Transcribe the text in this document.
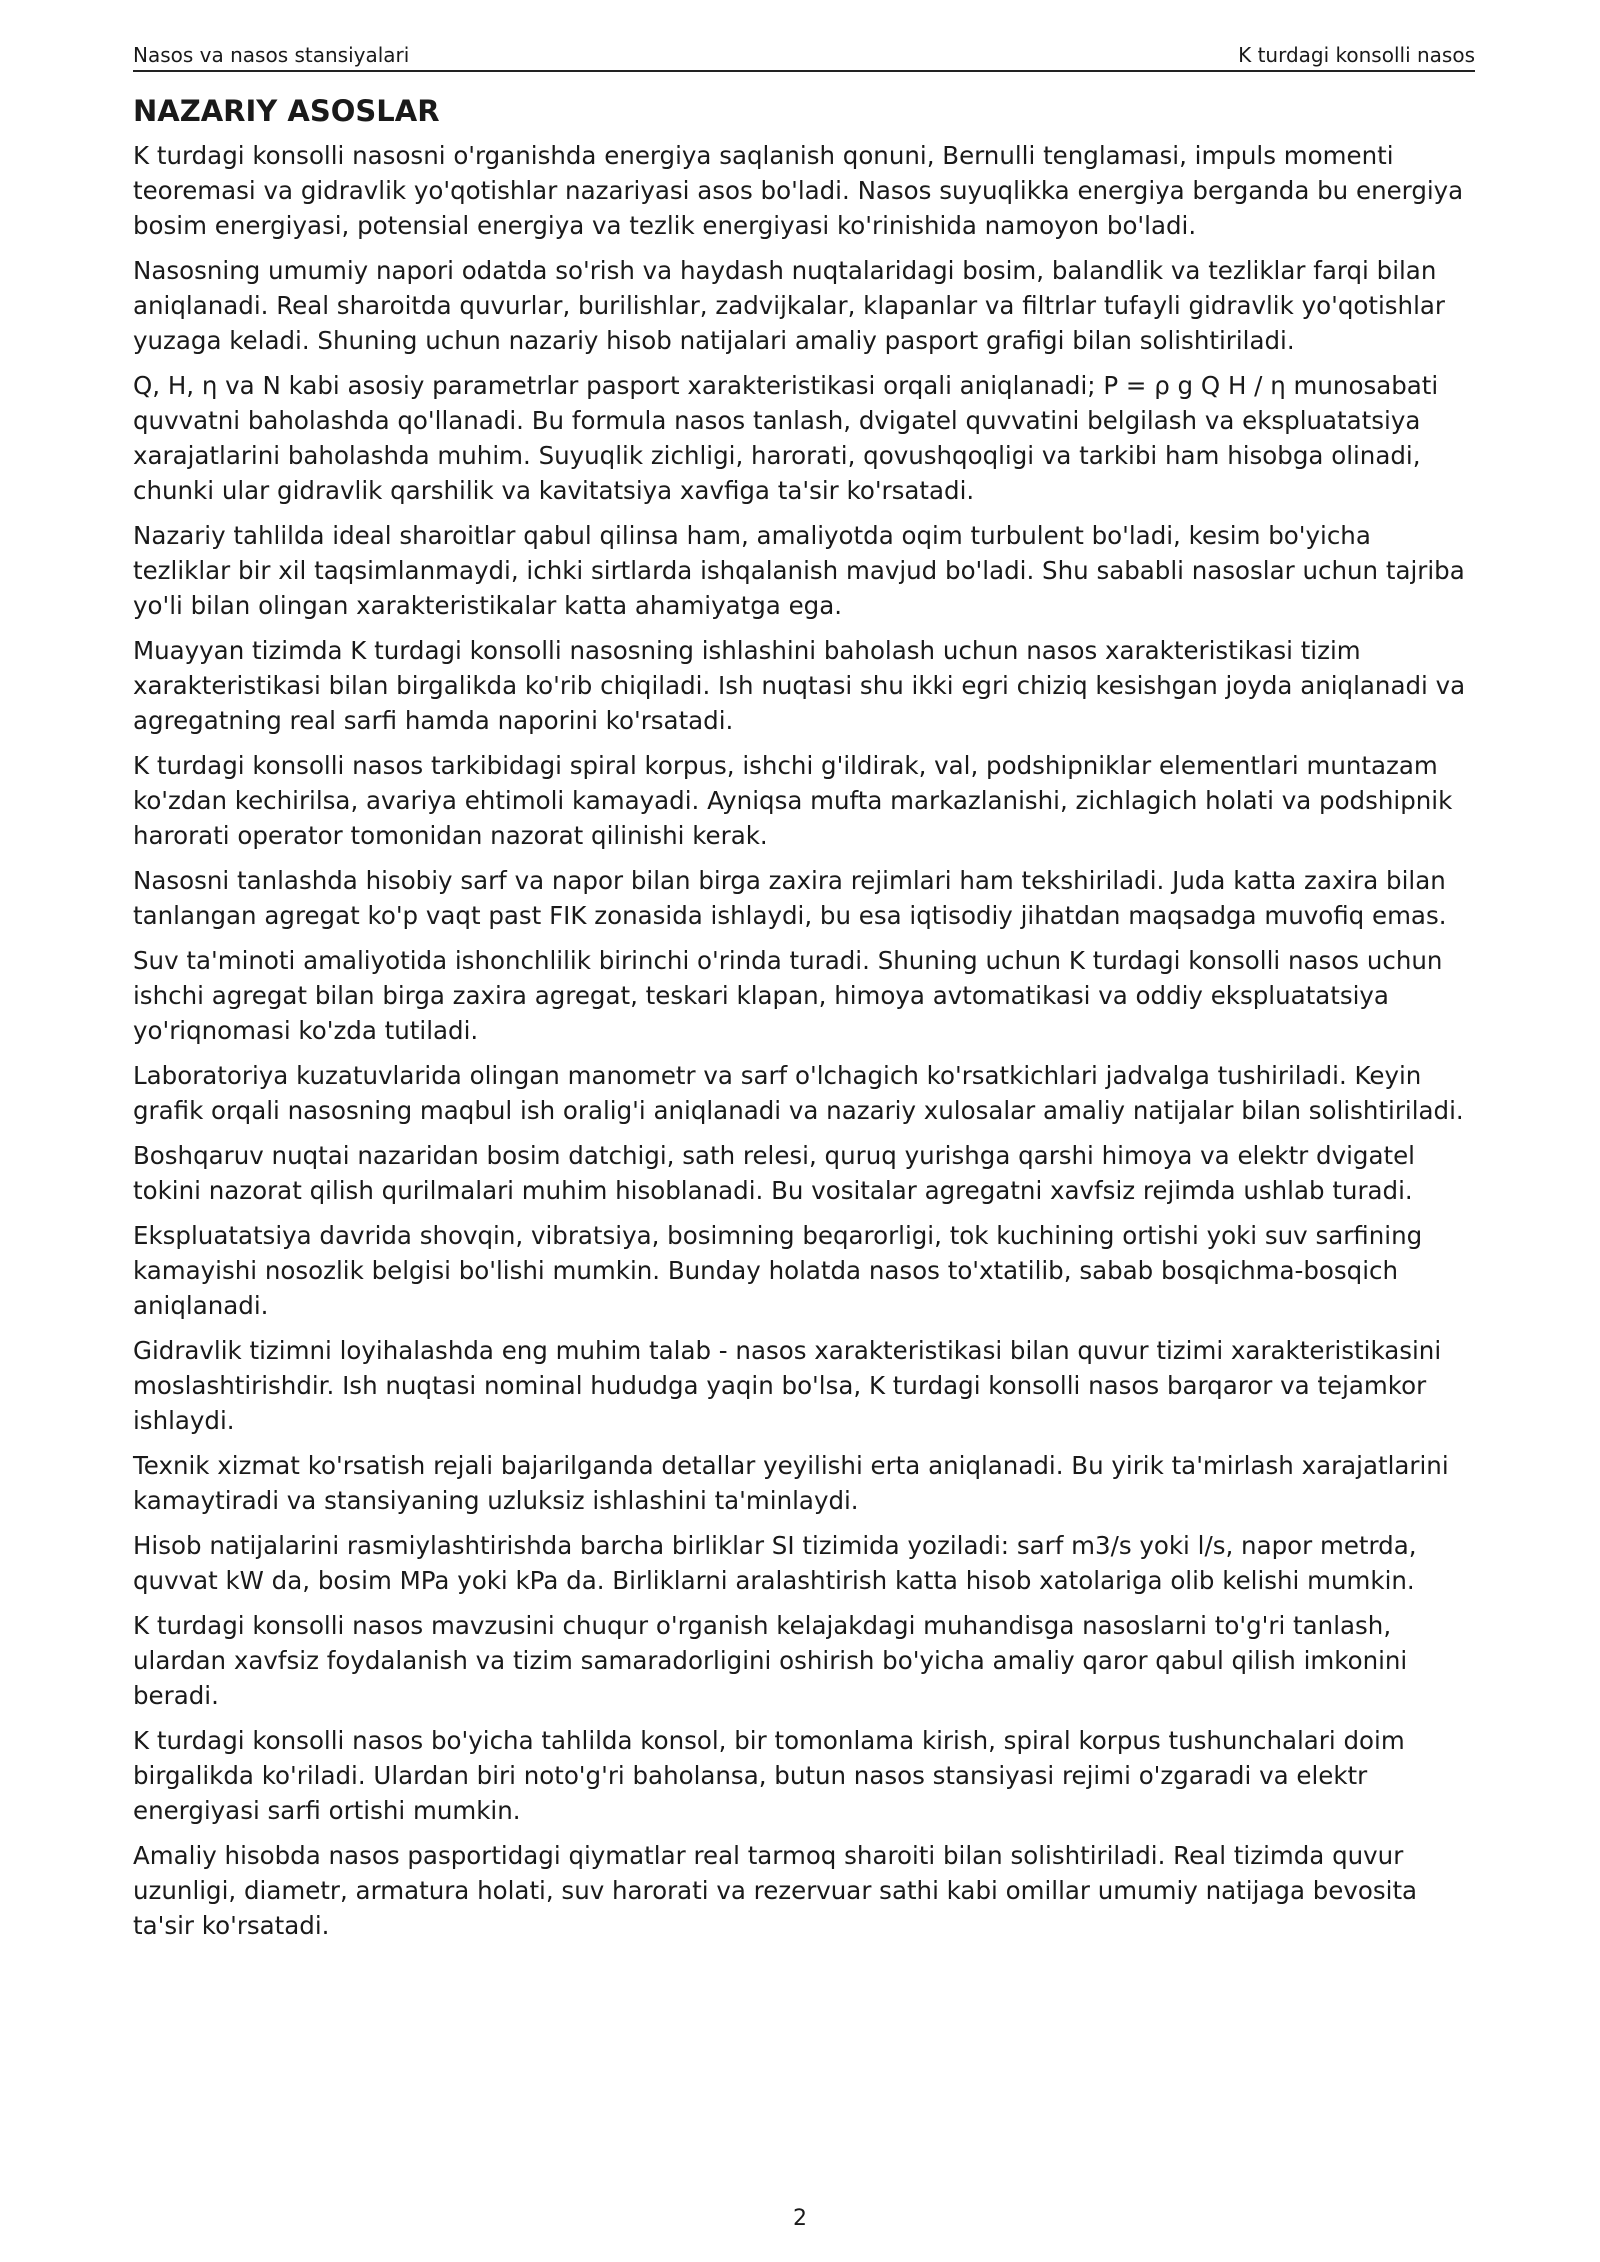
Nasos va nasos stansiyalari	K turdagi konsolli nasos
NAZARIY ASOSLAR

K turdagi konsolli nasosni o'rganishda energiya saqlanish qonuni, Bernulli tenglamasi, impuls momenti teoremasi va gidravlik yo'qotishlar nazariyasi asos bo'ladi. Nasos suyuqlikka energiya berganda bu energiya bosim energiyasi, potensial energiya va tezlik energiyasi ko'rinishida namoyon bo'ladi.

Nasosning umumiy napori odatda so'rish va haydash nuqtalaridagi bosim, balandlik va tezliklar farqi bilan aniqlanadi. Real sharoitda quvurlar, burilishlar, zadvijkalar, klapanlar va filtrlar tufayli gidravlik yo'qotishlar yuzaga keladi. Shuning uchun nazariy hisob natijalari amaliy pasport grafigi bilan solishtiriladi.

Q, H, η va N kabi asosiy parametrlar pasport xarakteristikasi orqali aniqlanadi; P = ρ g Q H / η munosabati quvvatni baholashda qo'llanadi. Bu formula nasos tanlash, dvigatel quvvatini belgilash va ekspluatatsiya xarajatlarini baholashda muhim. Suyuqlik zichligi, harorati, qovushqoqligi va tarkibi ham hisobga olinadi, chunki ular gidravlik qarshilik va kavitatsiya xavfiga ta'sir ko'rsatadi.

Nazariy tahlilda ideal sharoitlar qabul qilinsa ham, amaliyotda oqim turbulent bo'ladi, kesim bo'yicha tezliklar bir xil taqsimlanmaydi, ichki sirtlarda ishqalanish mavjud bo'ladi. Shu sababli nasoslar uchun tajriba yo'li bilan olingan xarakteristikalar katta ahamiyatga ega.

Muayyan tizimda K turdagi konsolli nasosning ishlashini baholash uchun nasos xarakteristikasi tizim xarakteristikasi bilan birgalikda ko'rib chiqiladi. Ish nuqtasi shu ikki egri chiziq kesishgan joyda aniqlanadi va agregatning real sarfi hamda naporini ko'rsatadi.

K turdagi konsolli nasos tarkibidagi spiral korpus, ishchi g'ildirak, val, podshipniklar elementlari muntazam ko'zdan kechirilsa, avariya ehtimoli kamayadi. Ayniqsa mufta markazlanishi, zichlagich holati va podshipnik harorati operator tomonidan nazorat qilinishi kerak.

Nasosni tanlashda hisobiy sarf va napor bilan birga zaxira rejimlari ham tekshiriladi. Juda katta zaxira bilan tanlangan agregat ko'p vaqt past FIK zonasida ishlaydi, bu esa iqtisodiy jihatdan maqsadga muvofiq emas.

Suv ta'minoti amaliyotida ishonchlilik birinchi o'rinda turadi. Shuning uchun K turdagi konsolli nasos uchun ishchi agregat bilan birga zaxira agregat, teskari klapan, himoya avtomatikasi va oddiy ekspluatatsiya yo'riqnomasi ko'zda tutiladi.

Laboratoriya kuzatuvlarida olingan manometr va sarf o'lchagich ko'rsatkichlari jadvalga tushiriladi. Keyin grafik orqali nasosning maqbul ish oralig'i aniqlanadi va nazariy xulosalar amaliy natijalar bilan solishtiriladi.

Boshqaruv nuqtai nazaridan bosim datchigi, sath relesi, quruq yurishga qarshi himoya va elektr dvigatel tokini nazorat qilish qurilmalari muhim hisoblanadi. Bu vositalar agregatni xavfsiz rejimda ushlab turadi.

Ekspluatatsiya davrida shovqin, vibratsiya, bosimning beqarorligi, tok kuchining ortishi yoki suv sarfining kamayishi nosozlik belgisi bo'lishi mumkin. Bunday holatda nasos to'xtatilib, sabab bosqichma-bosqich aniqlanadi.

Gidravlik tizimni loyihalashda eng muhim talab - nasos xarakteristikasi bilan quvur tizimi xarakteristikasini moslashtirishdir. Ish nuqtasi nominal hududga yaqin bo'lsa, K turdagi konsolli nasos barqaror va tejamkor ishlaydi.

Texnik xizmat ko'rsatish rejali bajarilganda detallar yeyilishi erta aniqlanadi. Bu yirik ta'mirlash xarajatlarini kamaytiradi va stansiyaning uzluksiz ishlashini ta'minlaydi.

Hisob natijalarini rasmiylashtirishda barcha birliklar SI tizimida yoziladi: sarf m3/s yoki l/s, napor metrda, quvvat kW da, bosim MPa yoki kPa da. Birliklarni aralashtirish katta hisob xatolariga olib kelishi mumkin.

K turdagi konsolli nasos mavzusini chuqur o'rganish kelajakdagi muhandisga nasoslarni to'g'ri tanlash, ulardan xavfsiz foydalanish va tizim samaradorligini oshirish bo'yicha amaliy qaror qabul qilish imkonini beradi.

K turdagi konsolli nasos bo'yicha tahlilda konsol, bir tomonlama kirish, spiral korpus tushunchalari doim birgalikda ko'riladi. Ulardan biri noto'g'ri baholansa, butun nasos stansiyasi rejimi o'zgaradi va elektr energiyasi sarfi ortishi mumkin.

Amaliy hisobda nasos pasportidagi qiymatlar real tarmoq sharoiti bilan solishtiriladi. Real tizimda quvur uzunligi, diametr, armatura holati, suv harorati va rezervuar sathi kabi omillar umumiy natijaga bevosita ta'sir ko'rsatadi.

2
